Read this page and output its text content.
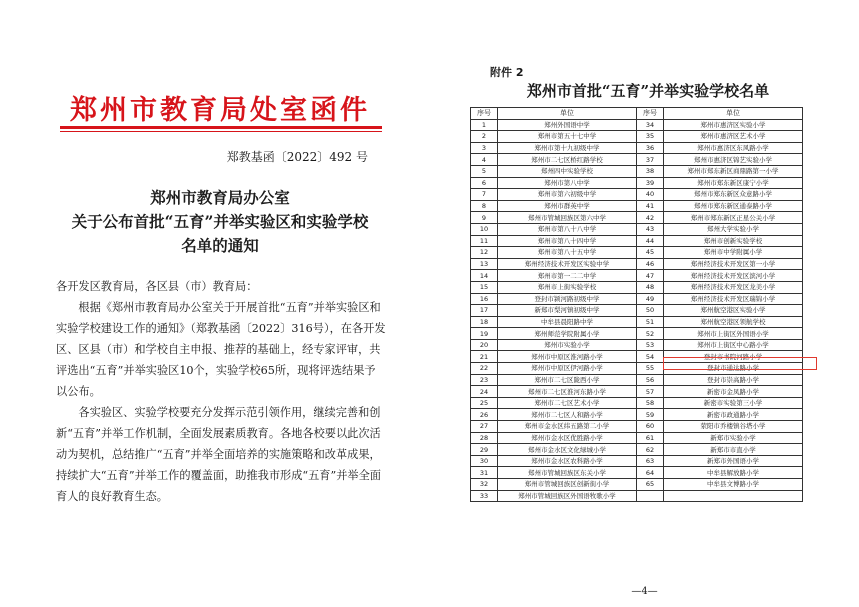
郑州市教育局处室函件
郑教基函〔2022〕492 号
郑州市教育局办公室
关于公布首批“五育”并举实验区和实验学校
名单的通知

各开发区教育局，各区县（市）教育局：

根据《郑州市教育局办公室关于开展首批“五育”并举实验区和实验学校建设工作的通知》（郑教基函〔2022〕316号），在各开发区、区县（市）和学校自主申报、推荐的基础上，经专家评审，共评选出“五育”并举实验区10个，实验学校65所，现将评选结果予以公布。

各实验区、实验学校要充分发挥示范引领作用，继续完善和创新“五育”并举工作机制，全面发展素质教育。各地各校要以此次活动为契机，总结推广“五育”并举全面培养的实施策略和改革成果，持续扩大“五育”并举工作的覆盖面，助推我市形成“五育”并举全面育人的良好教育生态。

附件 2
郑州市首批“五育”并举实验学校名单
序号	单位	序号	单位
1	郑州外国语中学	34	郑州市惠济区实验小学
2	郑州市第五十七中学	35	郑州市惠济区艺术小学
3	郑州市第十九初级中学	36	郑州市惠济区东风路小学
4	郑州市二七区桥红路学校	37	郑州市惠济区锦艺实验小学
5	郑州四中实验学校	38	郑州市郑东新区商鼎路第一小学
6	郑州市第八中学	39	郑州市郑东新区康宁小学
7	郑州市第六初级中学	40	郑州市郑东新区众意路小学
8	郑州市群英中学	41	郑州市郑东新区通泰路小学
9	郑州市管城回族区第六中学	42	郑州市郑东新区正星公关小学
10	郑州市第八十八中学	43	郑州大学实验小学
11	郑州市第八十四中学	44	郑州市创新实验学校
12	郑州市第八十五中学	45	郑州市中学附属小学
13	郑州经济技术开发区实验中学	46	郑州经济技术开发区第一小学
14	郑州市第一二二中学	47	郑州经济技术开发区滨河小学
15	郑州市上街实验学校	48	郑州经济技术开发区龙美小学
16	登封市颍河路初级中学	49	郑州经济技术开发区瑞锦小学
17	新郑市梨河镇初级中学	50	郑州航空港区实验小学
18	中牟县晨阳路中学	51	郑州航空港区领航学校
19	郑州师范学院附属小学	52	郑州市上街区外国语小学
20	郑州市实验小学	53	郑州市上街区中心路小学
21	郑州市中原区淮河路小学	54	登封市书院河路小学
22	郑州市中原区伊河路小学	55	登封市通达路小学
23	郑州市二七区陇西小学	56	登封市崇高路小学
24	郑州市二七区淮河东路小学	57	新密市金凤路小学
25	郑州市二七区艺术小学	58	新密市实验第三小学
26	郑州市二七区人和路小学	59	新密市政通路小学
27	郑州市金水区纬五路第二小学	60	荥阳市乔楼镇谷塔小学
28	郑州市金水区优胜路小学	61	新郑市实验小学
29	郑州市金水区文化绿城小学	62	新郑市市直小学
30	郑州市金水区农科路小学	63	新郑市外国语小学
31	郑州市管城回族区东关小学	64	中牟县解放路小学
32	郑州市管城回族区创新街小学	65	中牟县文博路小学
33	郑州市管城回族区外国语牧歌小学		
—4—
